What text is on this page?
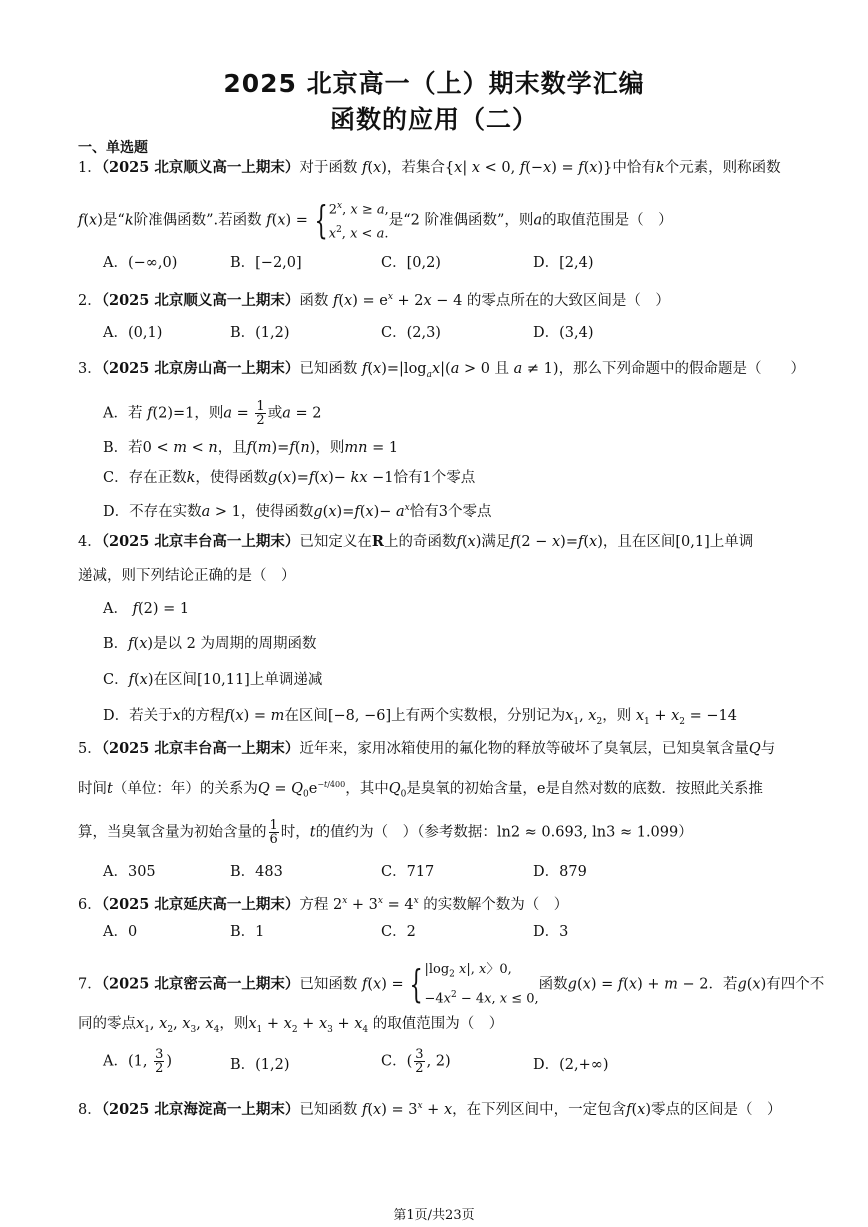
2025 北京高一（上）期末数学汇编
函数的应用（二）
一、单选题
1．（2025 北京顺义高一上期末）对于函数 f(x)，若集合{x| x < 0, f(−x) = f(x)}中恰有k个元素，则称函数
f(x)是“k阶准偶函数”.若函数 $f(x) = \{2^x$, x ≥ a,
$x^2$, x < a.是“2 阶准偶函数”，则a的取值范围是（　）
A．(−∞,0)	B．[−2,0]	C．[0,2)	D．[2,4)
2．（2025 北京顺义高一上期末）函数 $f(x) = e^x + 2x - 4$ 的零点所在的大致区间是（　）
A．(0,1)	B．(1,2)	C．(2,3)	D．(3,4)
3．（2025 北京房山高一上期末）已知函数 $f(x)=|\log_ax|(a > 0$ 且 a ≠ 1)，那么下列命题中的假命题是（　　）
A．若 f(2)=1，则$a = \frac{1}{2}$ 或a = 2
B．若0 < m < n，且f(m)=f(n)，则mn = 1
C．存在正数k，使得函数g(x)=f(x)− kx −1恰有1个零点
D．不存在实数a > 1，使得函数$g(x)=f(x)- a^x$恰有3个零点
4．（2025 北京丰台高一上期末）已知定义在R上的奇函数f(x)满足f(2 − x)=f(x)，且在区间[0,1]上单调
递减，则下列结论正确的是（　）
A． f(2) = 1
B．f(x)是以 2 为周期的周期函数
C．f(x)在区间[10,11]上单调递减
D．若关于x的方程f(x) = m在区间[−8, −6]上有两个实数根，分别记为$x_1$, $x_2$，则 $x_1 + x_2 = -14$
5．（2025 北京丰台高一上期末）近年来，家用冰箱使用的氟化物的释放等破坏了臭氧层，已知臭氧含量Q与
时间t（单位：年）的关系为$Q = Q_0e^{-t/400}$，其中$Q_0$是臭氧的初始含量，e是自然对数的底数．按照此关系推
算，当臭氧含量为初始含量的 $\frac{1}{6}$ 时，t的值约为（　）（参考数据：ln2 ≈ 0.693, ln3 ≈ 1.099）
A．305	B．483	C．717	D．879
6．（2025 北京延庆高一上期末）方程 $2^x + 3^x = 4^x$ 的实数解个数为（　）
A．0	B．1	C．2	D．3
7．（2025 北京密云高一上期末）已知函数 $f(x) = \{|\log_2$ x|, x〉0,
$-4x^2 - 4x$, x ≤ 0,函数g(x) = f(x) + m − 2．若g(x)有四个不
同的零点$x_1$, $x_2$, $x_3$, $x_4$，则$x_1 + x_2 + x_3 + x_4$ 的取值范围为（　）
A．(1, $\frac{3}{2}$ )	B．(1,2)	C．( $\frac{3}{2}$ , 2)	D．(2,+∞)
8．（2025 北京海淀高一上期末）已知函数 $f(x) = 3^x + x$，在下列区间中，一定包含f(x)零点的区间是（　）
第1页/共23页
